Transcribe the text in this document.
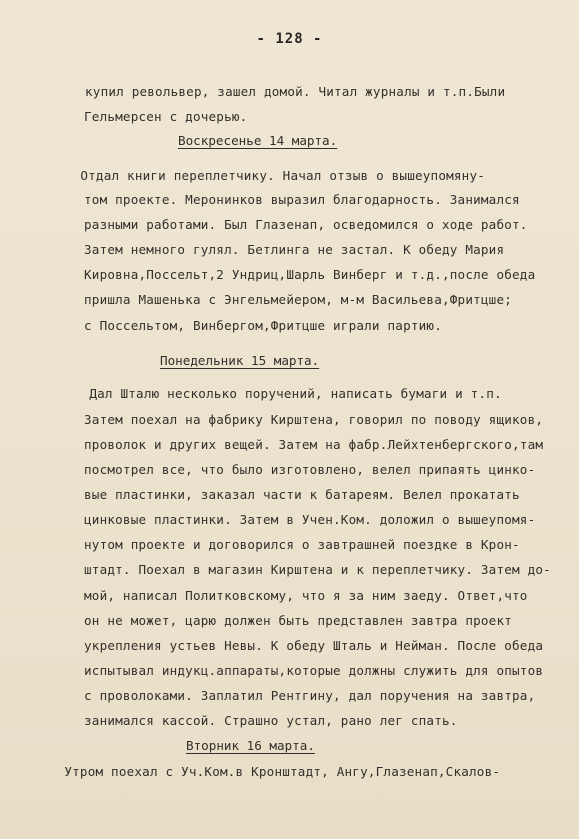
- 128 -
купил револьвер, зашел домой. Читал журналы и т.п.Были
Гельмерсен с дочерью.
Воскресенье 14 марта.
Отдал книги переплетчику. Начал отзыв о вышеупомяну-
том проекте. Меронинков выразил благодарность. Занимался
разными работами. Был Глазенап, осведомился о ходе работ.
Затем немного гулял. Бетлинга не застал. К обеду Мария
Кировна,Поссельт,2 Ундриц,Шарль Винберг и т.д.,после обеда
пришла Машенька с Энгельмейером, м-м Васильева,Фритцше;
с Поссельтом, Винбергом,Фритцше играли партию.
Понедельник 15 марта.
Дал Шталю несколько поручений, написать бумаги и т.п.
Затем поехал на фабрику Кирштена, говорил по поводу ящиков,
проволок и других вещей. Затем на фабр.Лейхтенбергского,там
посмотрел все, что было изготовлено, велел припаять цинко-
вые пластинки, заказал части к батареям. Велел прокатать
цинковые пластинки. Затем в Учен.Ком. доложил о вышеупомя-
нутом проекте и договорился о завтрашней поездке в Крон-
штадт. Поехал в магазин Кирштена и к переплетчику. Затем до-
мой, написал Политковскому, что я за ним заеду. Ответ,что
он не может, царю должен быть представлен завтра проект
укрепления устьев Невы. К обеду Шталь и Нейман. После обеда
испытывал индукц.аппараты,которые должны служить для опытов
с проволоками. Заплатил Рентгину, дал поручения на завтра,
занимался кассой. Страшно устал, рано лег спать.
Вторник 16 марта.
Утром поехал с Уч.Ком.в Кронштадт, Ангу,Глазенап,Скалов-
